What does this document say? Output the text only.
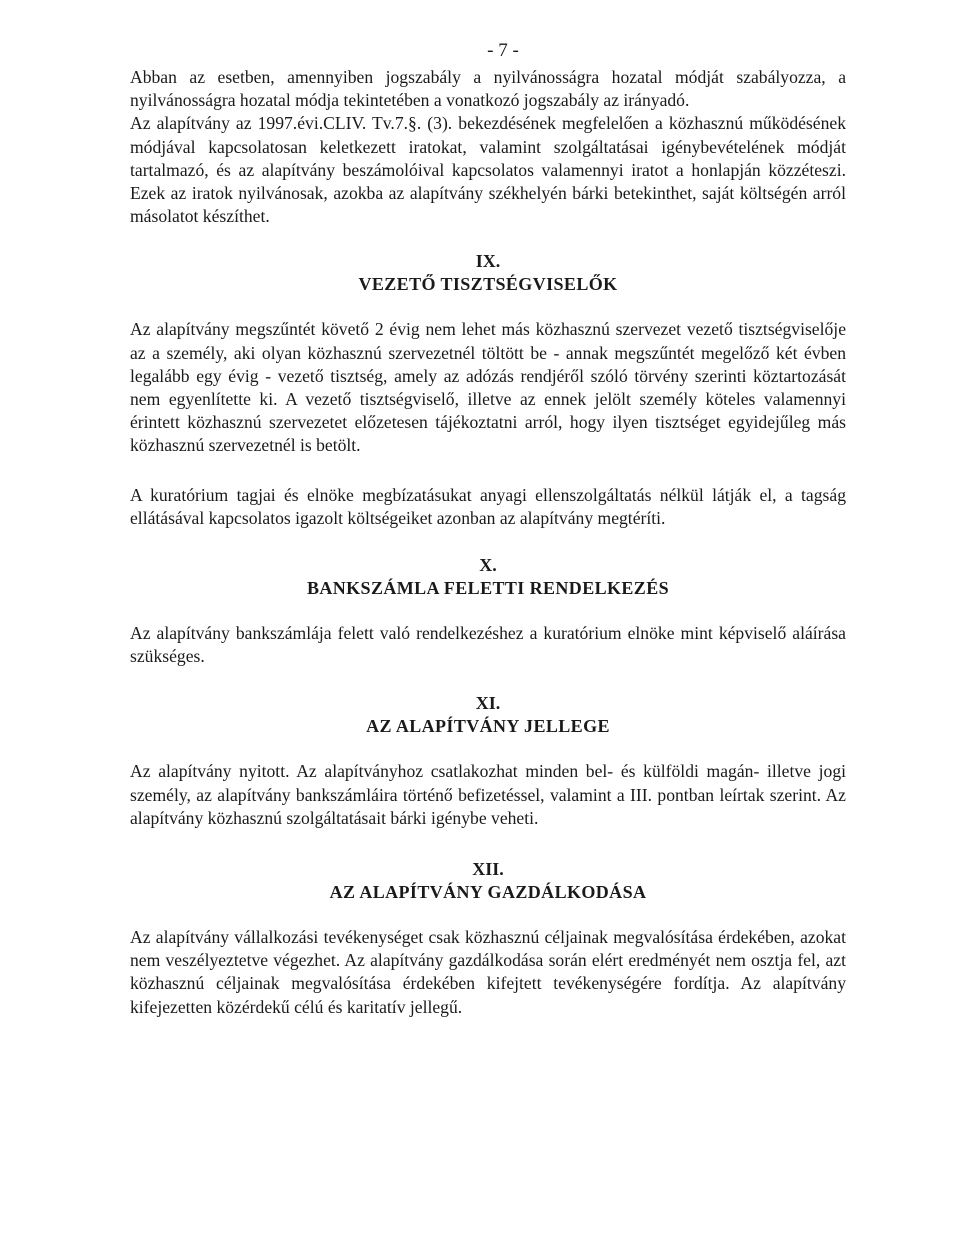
- 7 -

Abban az esetben, amennyiben jogszabály a nyilvánosságra hozatal módját szabályozza, a nyilvánosságra hozatal módja tekintetében a vonatkozó jogszabály az irányadó.

Az alapítvány az 1997.évi.CLIV. Tv.7.§. (3). bekezdésének megfelelően a közhasznú működésének módjával kapcsolatosan keletkezett iratokat, valamint szolgáltatásai igénybevételének módját tartalmazó, és az alapítvány beszámolóival kapcsolatos valamennyi iratot a honlapján közzéteszi. Ezek az iratok nyilvánosak, azokba az alapítvány székhelyén bárki betekinthet, saját költségén arról másolatot készíthet.

IX.
VEZETŐ TISZTSÉGVISELŐK

Az alapítvány megszűntét követő 2 évig nem lehet más közhasznú szervezet vezető tisztségviselője az a személy, aki olyan közhasznú szervezetnél töltött be - annak megszűntét megelőző két évben legalább egy évig - vezető tisztség, amely az adózás rendjéről szóló törvény szerinti köztartozását nem egyenlítette ki. A vezető tisztségviselő, illetve az ennek jelölt személy köteles valamennyi érintett közhasznú szervezetet előzetesen tájékoztatni arról, hogy ilyen tisztséget egyidejűleg más közhasznú szervezetnél is betölt.

A kuratórium tagjai és elnöke megbízatásukat anyagi ellenszolgáltatás nélkül látják el, a tagság ellátásával kapcsolatos igazolt költségeiket azonban az alapítvány megtéríti.

X.
BANKSZÁMLA FELETTI RENDELKEZÉS

Az alapítvány bankszámlája felett való rendelkezéshez a kuratórium elnöke mint képviselő aláírása szükséges.

XI.
AZ ALAPÍTVÁNY JELLEGE

Az alapítvány nyitott. Az alapítványhoz csatlakozhat minden bel- és külföldi magán- illetve jogi személy, az alapítvány bankszámláira történő befizetéssel, valamint a III. pontban leírtak szerint. Az alapítvány közhasznú szolgáltatásait bárki igénybe veheti.

XII.
AZ ALAPÍTVÁNY GAZDÁLKODÁSA

Az alapítvány vállalkozási tevékenységet csak közhasznú céljainak megvalósítása érdekében, azokat nem veszélyeztetve végezhet. Az alapítvány gazdálkodása során elért eredményét nem osztja fel, azt közhasznú céljainak megvalósítása érdekében kifejtett tevékenységére fordítja. Az alapítvány kifejezetten közérdekű célú és karitatív jellegű.
